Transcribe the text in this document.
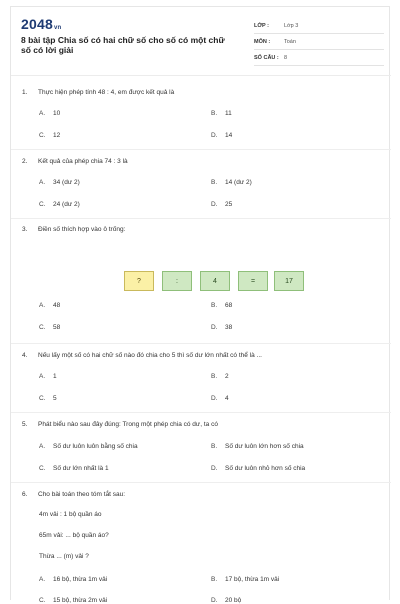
2048vn
8 bài tập Chia số có hai chữ số cho số có một chữ số có lời giải
LỚP :	Lớp 3
MÔN :	Toán
SỐ CÂU : 8
1. Thực hiện phép tính 48 : 4, em được kết quả là
A. 10	B. 11
C. 12	D. 14
2. Kết quả của phép chia 74 : 3 là
A. 34 (dư 2)	B. 14 (dư 2)
C. 24 (dư 2)	D. 25
3. Điền số thích hợp vào ô trống:
?	:	4	=	17
A. 48	B. 68
C. 58	D. 38
4. Nếu lấy một số có hai chữ số nào đó chia cho 5 thì số dư lớn nhất có thể là ...
A. 1	B. 2
C. 5	D. 4
5. Phát biểu nào sau đây đúng: Trong một phép chia có dư, ta có
A. Số dư luôn luôn bằng số chia	B. Số dư luôn lớn hơn số chia
C. Số dư lớn nhất là 1	D. Số dư luôn nhỏ hơn số chia
6. Cho bài toán theo tóm tắt sau:
4m vải : 1 bộ quần áo
65m vải: ... bộ quần áo?
Thừa ... (m) vải ?
A. 16 bộ, thừa 1m vải	B. 17 bộ, thừa 1m vải
C. 15 bộ, thừa 2m vải	D. 20 bộ
